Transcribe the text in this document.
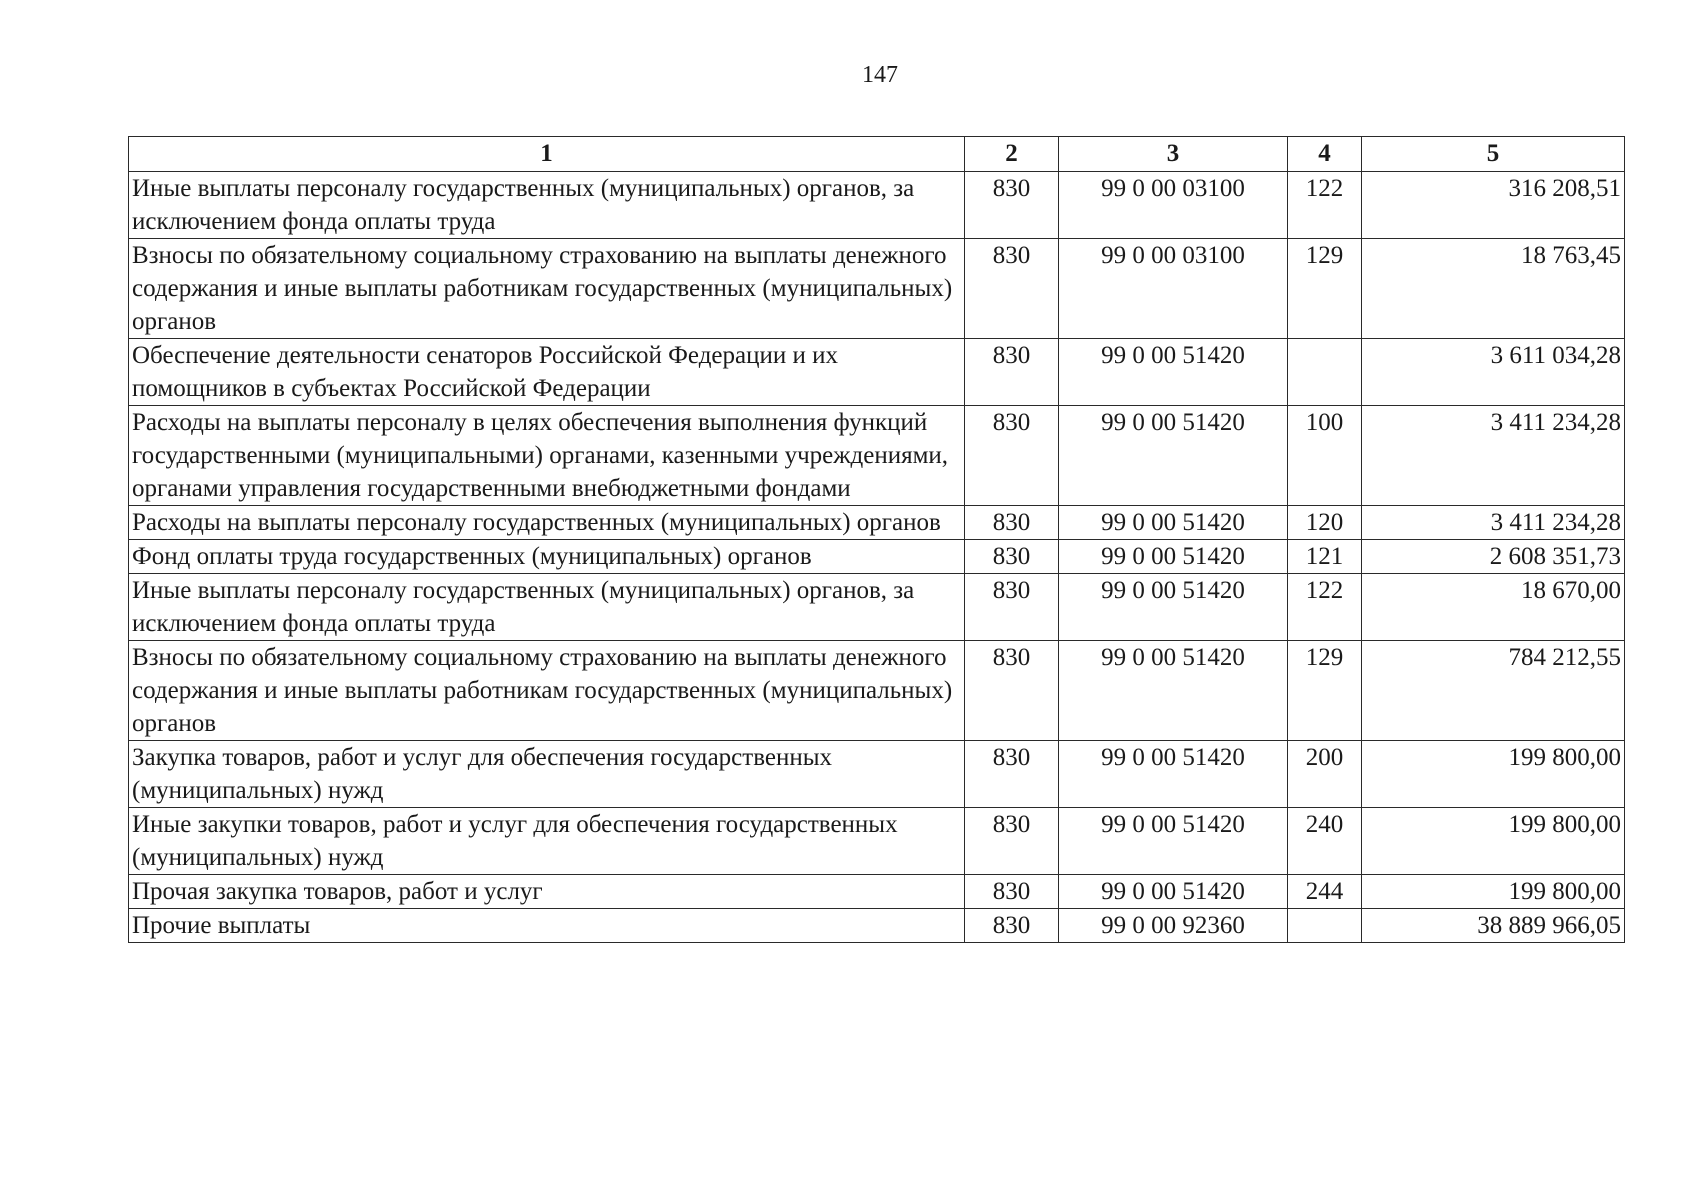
147
1	2	3	4	5
Иные выплаты персоналу государственных (муниципальных) органов, за исключением фонда оплаты труда	830	99 0 00 03100	122	316 208,51
Взносы по обязательному социальному страхованию на выплаты денежного содержания и иные выплаты работникам государственных (муниципальных) органов	830	99 0 00 03100	129	18 763,45
Обеспечение деятельности сенаторов Российской Федерации и их помощников в субъектах Российской Федерации	830	99 0 00 51420		3 611 034,28
Расходы на выплаты персоналу в целях обеспечения выполнения функций государственными (муниципальными) органами, казенными учреждениями, органами управления государственными внебюджетными фондами	830	99 0 00 51420	100	3 411 234,28
Расходы на выплаты персоналу государственных (муниципальных) органов	830	99 0 00 51420	120	3 411 234,28
Фонд оплаты труда государственных (муниципальных) органов	830	99 0 00 51420	121	2 608 351,73
Иные выплаты персоналу государственных (муниципальных) органов, за исключением фонда оплаты труда	830	99 0 00 51420	122	18 670,00
Взносы по обязательному социальному страхованию на выплаты денежного содержания и иные выплаты работникам государственных (муниципальных) органов	830	99 0 00 51420	129	784 212,55
Закупка товаров, работ и услуг для обеспечения государственных (муниципальных) нужд	830	99 0 00 51420	200	199 800,00
Иные закупки товаров, работ и услуг для обеспечения государственных (муниципальных) нужд	830	99 0 00 51420	240	199 800,00
Прочая закупка товаров, работ и услуг	830	99 0 00 51420	244	199 800,00
Прочие выплаты	830	99 0 00 92360		38 889 966,05
